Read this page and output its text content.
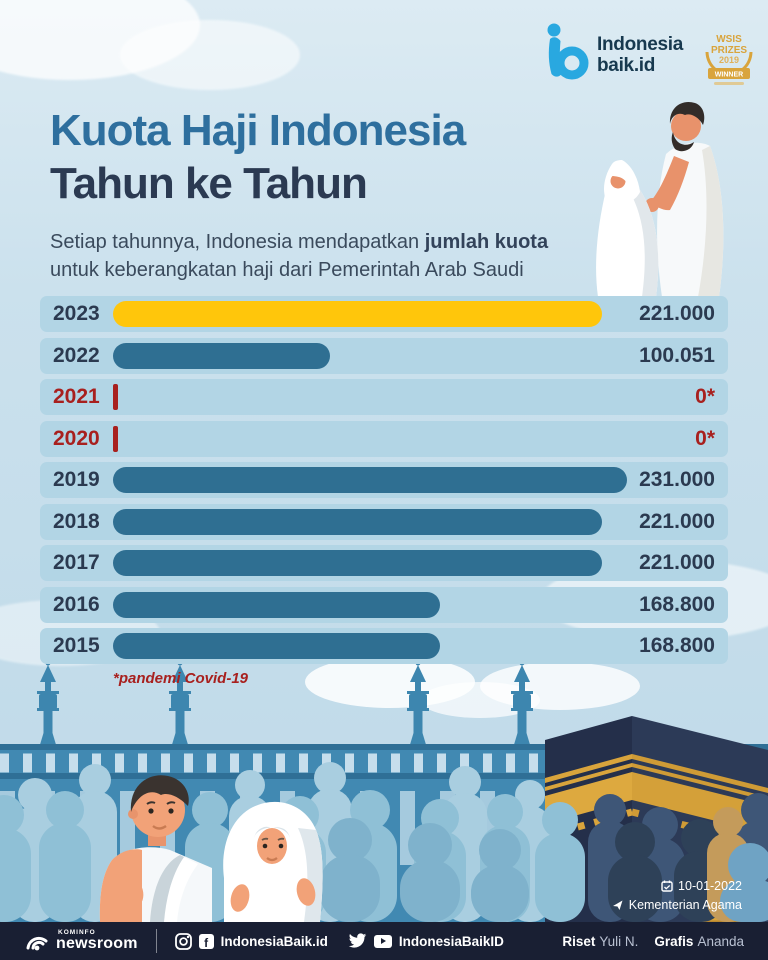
Indonesia
baik.id
WSIS
PRIZES
2019
WINNER
Kuota Haji Indonesia
Tahun ke Tahun
Setiap tahunnya, Indonesia mendapatkan jumlah kuota
untuk keberangkatan haji dari Pemerintah Arab Saudi
2023	221.000
2022	100.051
2021	0*
2020	0*
2019	231.000
2018	221.000
2017	221.000
2016	168.800
2015	168.800
*pandemi Covid-19
10-01-2022
Kementerian Agama
KOMINFO
newsroom	f IndonesiaBaik.id	IndonesiaBaikID	Riset Yuli N. Grafis Ananda
